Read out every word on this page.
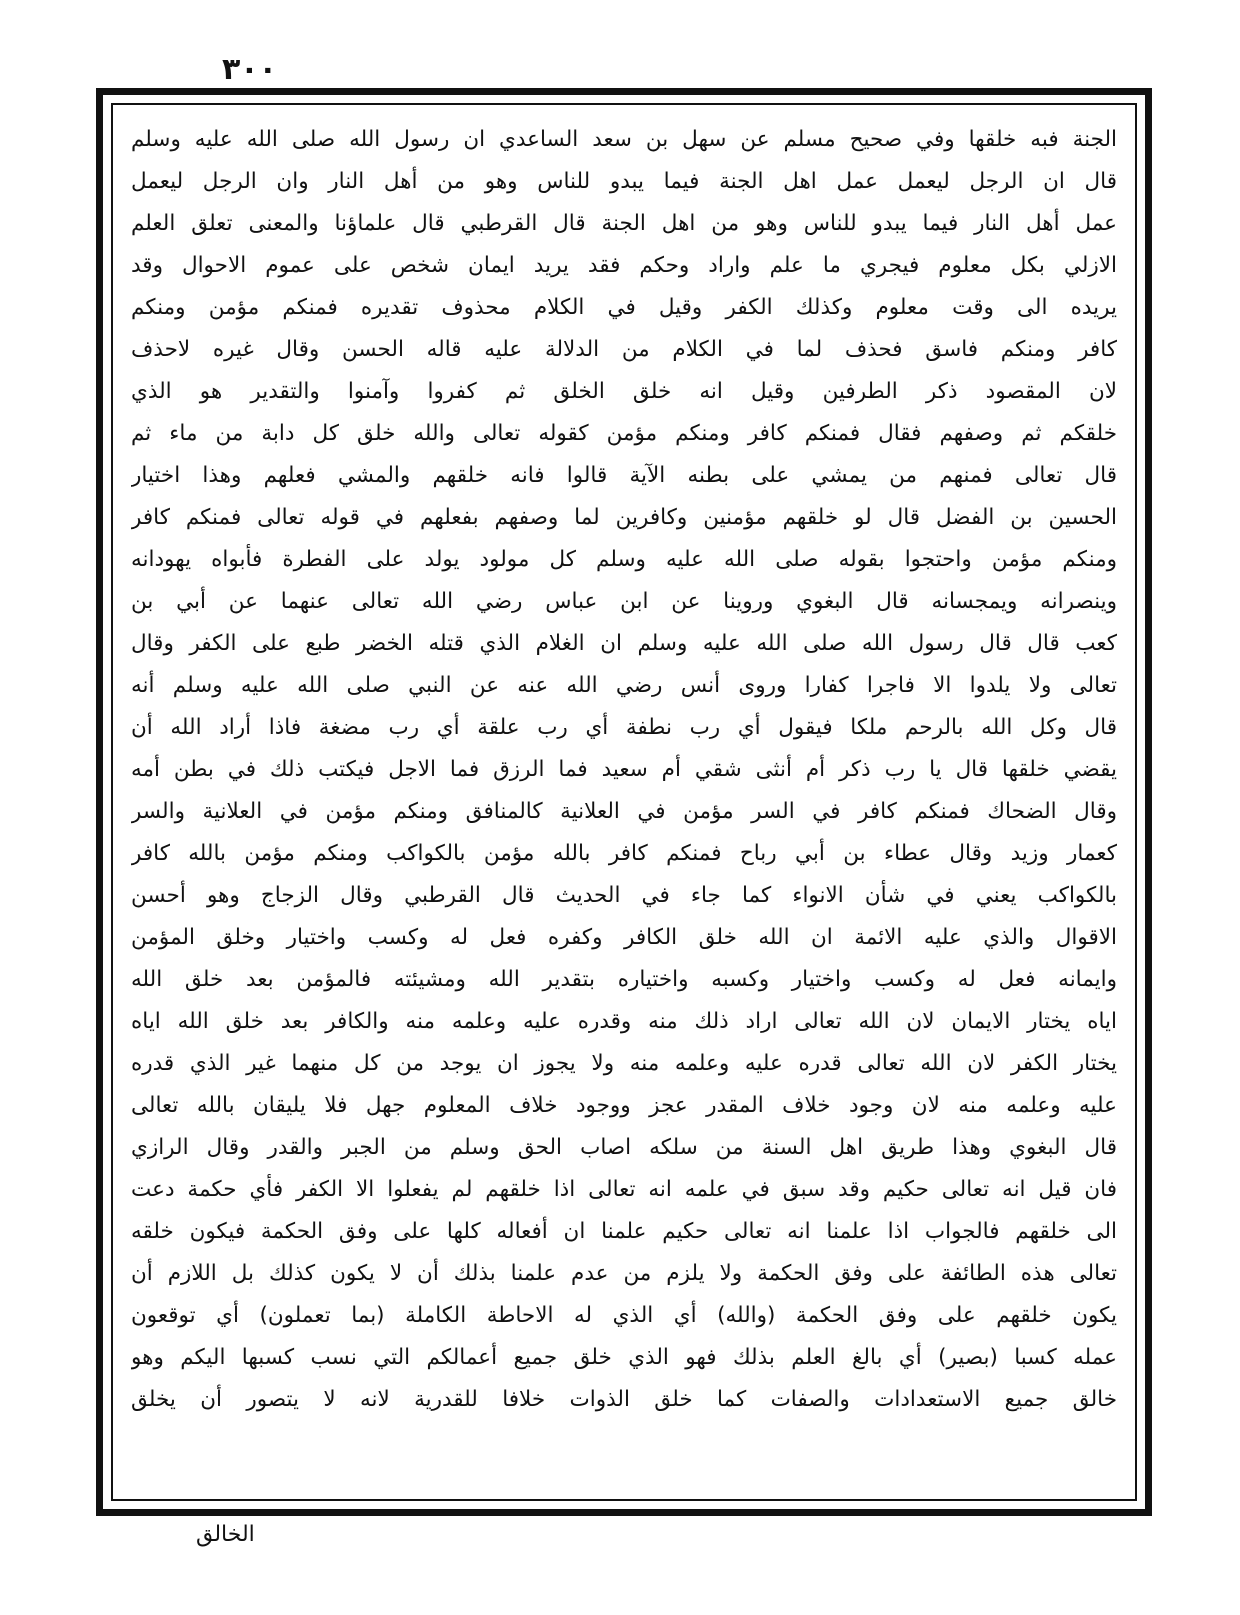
٣٠٠
الجنة فبه خلقها وفي صحيح مسلم عن سهل بن سعد الساعدي ان رسول الله صلى الله عليه وسلم
قال ان الرجل ليعمل عمل اهل الجنة فيما يبدو للناس وهو من أهل النار وان الرجل ليعمل
عمل أهل النار فيما يبدو للناس وهو من اهل الجنة قال القرطبي قال علماؤنا والمعنى تعلق العلم
الازلي بكل معلوم فيجري ما علم واراد وحكم فقد يريد ايمان شخص على عموم الاحوال وقد
يريده الى وقت معلوم وكذلك الكفر وقيل في الكلام محذوف تقديره فمنكم مؤمن ومنكم
كافر ومنكم فاسق فحذف لما في الكلام من الدلالة عليه قاله الحسن وقال غيره لاحذف
لان المقصود ذكر الطرفين وقيل انه خلق الخلق ثم كفروا وآمنوا والتقدير هو الذي
خلقكم ثم وصفهم فقال فمنكم كافر ومنكم مؤمن كقوله تعالى والله خلق كل دابة من ماء ثم
قال تعالى فمنهم من يمشي على بطنه الآية قالوا فانه خلقهم والمشي فعلهم وهذا اختيار
الحسين بن الفضل قال لو خلقهم مؤمنين وكافرين لما وصفهم بفعلهم في قوله تعالى فمنكم كافر
ومنكم مؤمن واحتجوا بقوله صلى الله عليه وسلم كل مولود يولد على الفطرة فأبواه يهودانه
وينصرانه ويمجسانه قال البغوي وروينا عن ابن عباس رضي الله تعالى عنهما عن أبي بن
كعب قال قال رسول الله صلى الله عليه وسلم ان الغلام الذي قتله الخضر طبع على الكفر وقال
تعالى ولا يلدوا الا فاجرا كفارا وروى أنس رضي الله عنه عن النبي صلى الله عليه وسلم أنه
قال وكل الله بالرحم ملكا فيقول أي رب نطفة أي رب علقة أي رب مضغة فاذا أراد الله أن
يقضي خلقها قال يا رب ذكر أم أنثى شقي أم سعيد فما الرزق فما الاجل فيكتب ذلك في بطن أمه
وقال الضحاك فمنكم كافر في السر مؤمن في العلانية كالمنافق ومنكم مؤمن في العلانية والسر
كعمار وزيد وقال عطاء بن أبي رباح فمنكم كافر بالله مؤمن بالكواكب ومنكم مؤمن بالله كافر
بالكواكب يعني في شأن الانواء كما جاء في الحديث قال القرطبي وقال الزجاج وهو أحسن
الاقوال والذي عليه الائمة ان الله خلق الكافر وكفره فعل له وكسب واختيار وخلق المؤمن
وايمانه فعل له وكسب واختيار وكسبه واختياره بتقدير الله ومشيئته فالمؤمن بعد خلق الله
اياه يختار الايمان لان الله تعالى اراد ذلك منه وقدره عليه وعلمه منه والكافر بعد خلق الله اياه
يختار الكفر لان الله تعالى قدره عليه وعلمه منه ولا يجوز ان يوجد من كل منهما غير الذي قدره
عليه وعلمه منه لان وجود خلاف المقدر عجز ووجود خلاف المعلوم جهل فلا يليقان بالله تعالى
قال البغوي وهذا طريق اهل السنة من سلكه اصاب الحق وسلم من الجبر والقدر وقال الرازي
فان قيل انه تعالى حكيم وقد سبق في علمه انه تعالى اذا خلقهم لم يفعلوا الا الكفر فأي حكمة دعت
الى خلقهم فالجواب اذا علمنا انه تعالى حكيم علمنا ان أفعاله كلها على وفق الحكمة فيكون خلقه
تعالى هذه الطائفة على وفق الحكمة ولا يلزم من عدم علمنا بذلك أن لا يكون كذلك بل اللازم أن
يكون خلقهم على وفق الحكمة (والله) أي الذي له الاحاطة الكاملة (بما تعملون) أي توقعون
عمله كسبا (بصير) أي بالغ العلم بذلك فهو الذي خلق جميع أعمالكم التي نسب كسبها اليكم وهو
خالق جميع الاستعدادات والصفات كما خلق الذوات خلافا للقدرية لانه لا يتصور أن يخلق
الخالق
